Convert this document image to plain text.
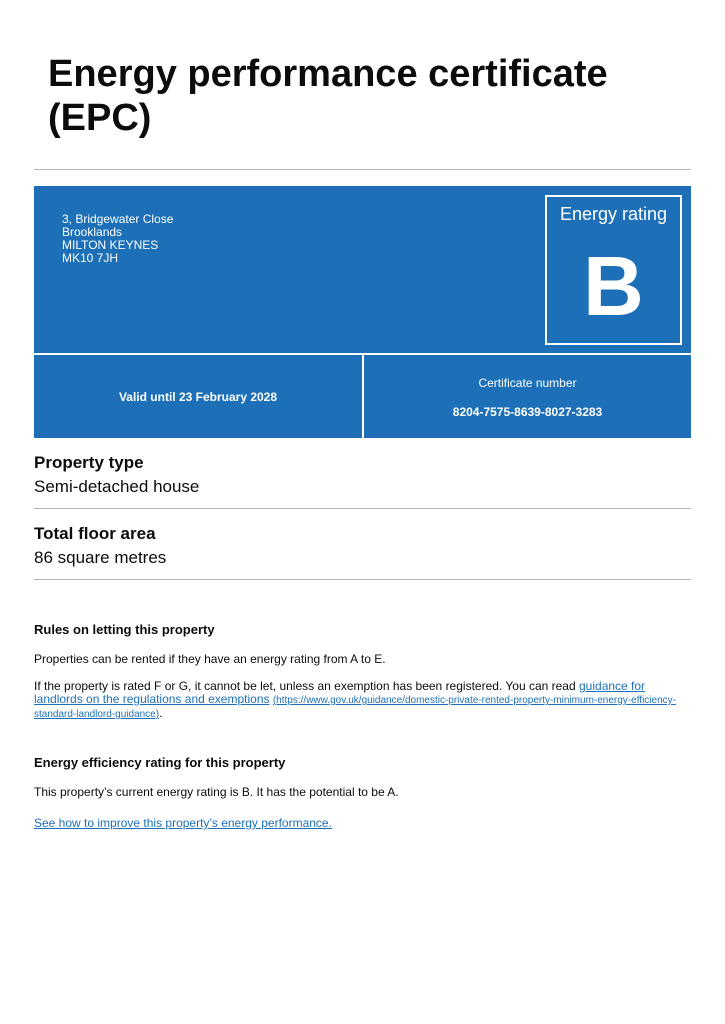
Energy performance certificate (EPC)
3, Bridgewater Close
Brooklands
MILTON KEYNES
MK10 7JH
Energy rating
B
Valid until 23 February 2028
Certificate number
8204-7575-8639-8027-3283
Property type

Semi-detached house

Total floor area

86 square metres

Rules on letting this property

Properties can be rented if they have an energy rating from A to E.

If the property is rated F or G, it cannot be let, unless an exemption has been registered. You can read guidance for landlords on the regulations and exemptions (https://www.gov.uk/guidance/domestic-private-rented-property-minimum-energy-efficiency-standard-landlord-guidance).

Energy efficiency rating for this property

This property’s current energy rating is B. It has the potential to be A.

See how to improve this property’s energy performance.
